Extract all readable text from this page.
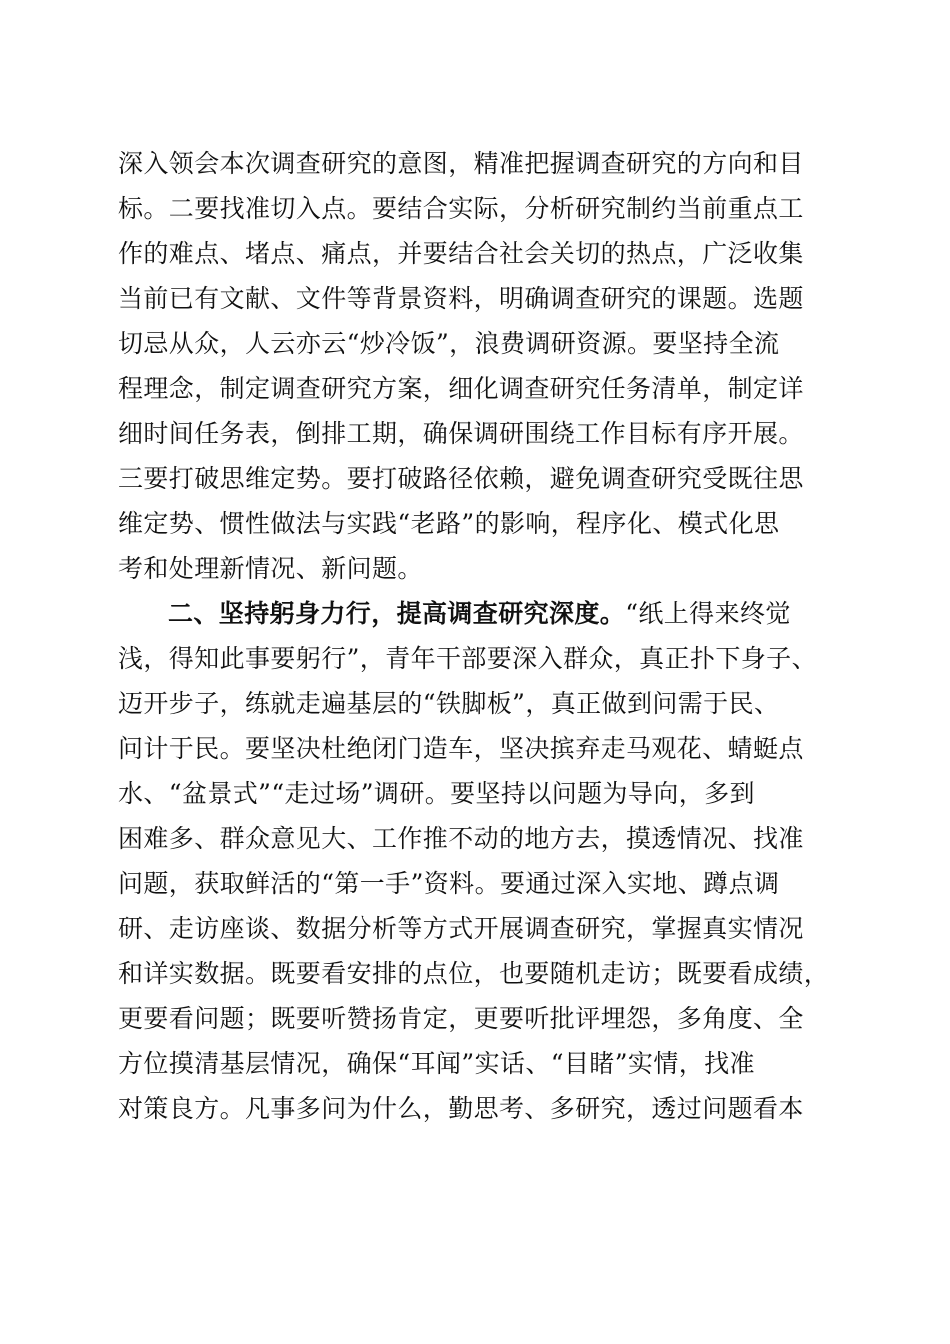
深入领会本次调查研究的意图，精准把握调查研究的方向和目
标。二要找准切入点。要结合实际，分析研究制约当前重点工
作的难点、堵点、痛点，并要结合社会关切的热点，广泛收集
当前已有文献、文件等背景资料，明确调查研究的课题。选题
切忌从众，人云亦云“炒冷饭”，浪费调研资源。要坚持全流
程理念，制定调查研究方案，细化调查研究任务清单，制定详
细时间任务表，倒排工期，确保调研围绕工作目标有序开展。
三要打破思维定势。要打破路径依赖，避免调查研究受既往思
维定势、惯性做法与实践“老路”的影响，程序化、模式化思
考和处理新情况、新问题。
二、坚持躬身力行，提高调查研究深度。“纸上得来终觉
浅，得知此事要躬行”，青年干部要深入群众，真正扑下身子、
迈开步子，练就走遍基层的“铁脚板”，真正做到问需于民、
问计于民。要坚决杜绝闭门造车，坚决摈弃走马观花、蜻蜓点
水、“盆景式”“走过场”调研。要坚持以问题为导向，多到
困难多、群众意见大、工作推不动的地方去，摸透情况、找准
问题，获取鲜活的“第一手”资料。要通过深入实地、蹲点调
研、走访座谈、数据分析等方式开展调查研究，掌握真实情况
和详实数据。既要看安排的点位，也要随机走访；既要看成绩，
更要看问题；既要听赞扬肯定，更要听批评埋怨，多角度、全
方位摸清基层情况，确保“耳闻”实话、“目睹”实情，找准
对策良方。凡事多问为什么，勤思考、多研究，透过问题看本
